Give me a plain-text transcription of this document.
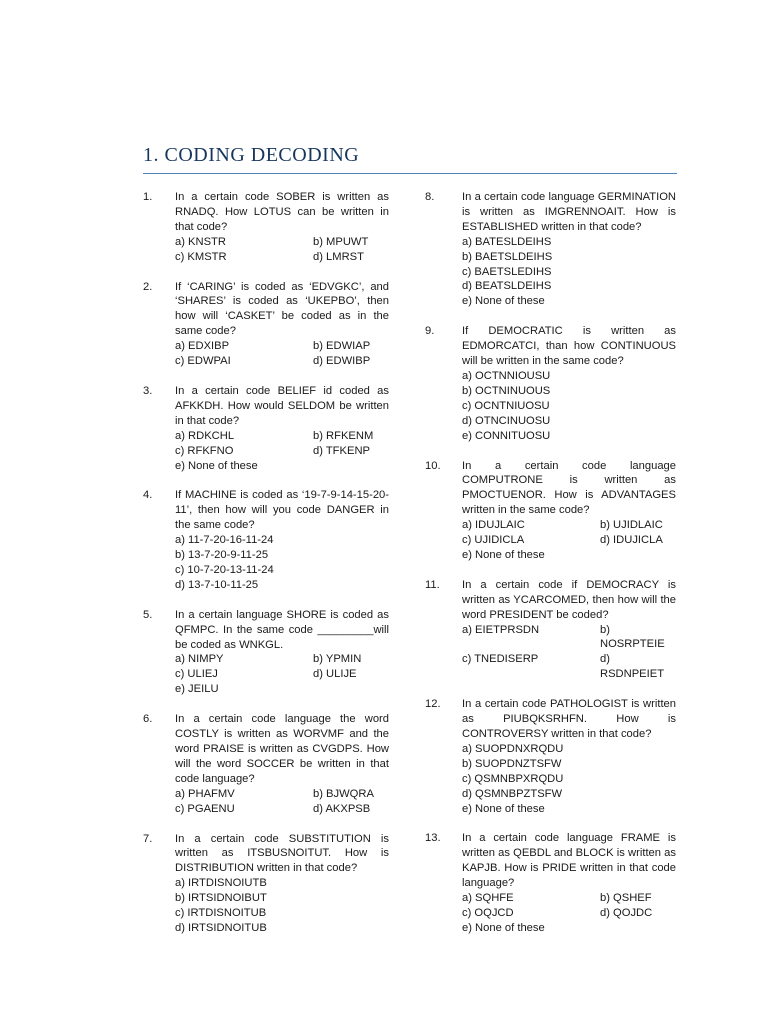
1. CODING DECODING
1. In a certain code SOBER is written as RNADQ. How LOTUS can be written in that code?
a) KNSTR	b) MPUWT
c) KMSTR	d) LMRST
2. If ‘CARING’ is coded as ‘EDVGKC’, and ‘SHARES’ is coded as ‘UKEPBO’, then how will ‘CASKET’ be coded as in the same code?
a) EDXIBP	b) EDWIAP
c) EDWPAI	d) EDWIBP
3. In a certain code BELIEF id coded as AFKKDH. How would SELDOM be written in that code?
a) RDKCHL	b) RFKENM
c) RFKFNO	d) TFKENP
e) None of these
4. If MACHINE is coded as ‘19-7-9-14-15-20-11’, then how will you code DANGER in the same code?
a) 11-7-20-16-11-24
b) 13-7-20-9-11-25
c) 10-7-20-13-11-24
d) 13-7-10-11-25
5. In a certain language SHORE is coded as QFMPC. In the same code _________will be coded as WNKGL.
a) NIMPY	b) YPMIN
c) ULIEJ	d) ULIJE
e) JEILU
6. In a certain code language the word COSTLY is written as WORVMF and the word PRAISE is written as CVGDPS. How will the word SOCCER be written in that code language?
a) PHAFMV	b) BJWQRA
c) PGAENU	d) AKXPSB
7. In a certain code SUBSTITUTION is written as ITSBUSNOITUT. How is DISTRIBUTION written in that code?
a) IRTDISNOIUTB
b) IRTSIDNOIBUT
c) IRTDISNOITUB
d) IRTSIDNOITUB
8. In a certain code language GERMINATION is written as IMGRENNOAIT. How is ESTABLISHED written in that code?
a) BATESLDEIHS
b) BAETSLDEIHS
c) BAETSLEDIHS
d) BEATSLDEIHS
e) None of these
9. If DEMOCRATIC is written as EDMORCATCI, than how CONTINUOUS will be written in the same code?
a) OCTNNIOUSU
b) OCTNINUOUS
c) OCNTNIUOSU
d) OTNCINUOSU
e) CONNITUOSU
10. In a certain code language COMPUTRONE is written as PMOCTUENOR. How is ADVANTAGES written in the same code?
a) IDUJLAIC	b) UJIDLAIC
c) UJIDICLA	d) IDUJICLA
e) None of these
11. In a certain code if DEMOCRACY is written as YCARCOMED, then how will the word PRESIDENT be coded?
a) EIETPRSDN	b) NOSRPTEIE
c) TNEDISERP	d) RSDNPEIET
12. In a certain code PATHOLOGIST is written as PIUBQKSRHFN. How is CONTROVERSY written in that code?
a) SUOPDNXRQDU
b) SUOPDNZTSFW
c) QSMNBPXRQDU
d) QSMNBPZTSFW
e) None of these
13. In a certain code language FRAME is written as QEBDL and BLOCK is written as KAPJB. How is PRIDE written in that code language?
a) SQHFE	b) QSHEF
c) OQJCD	d) QOJDC
e) None of these
